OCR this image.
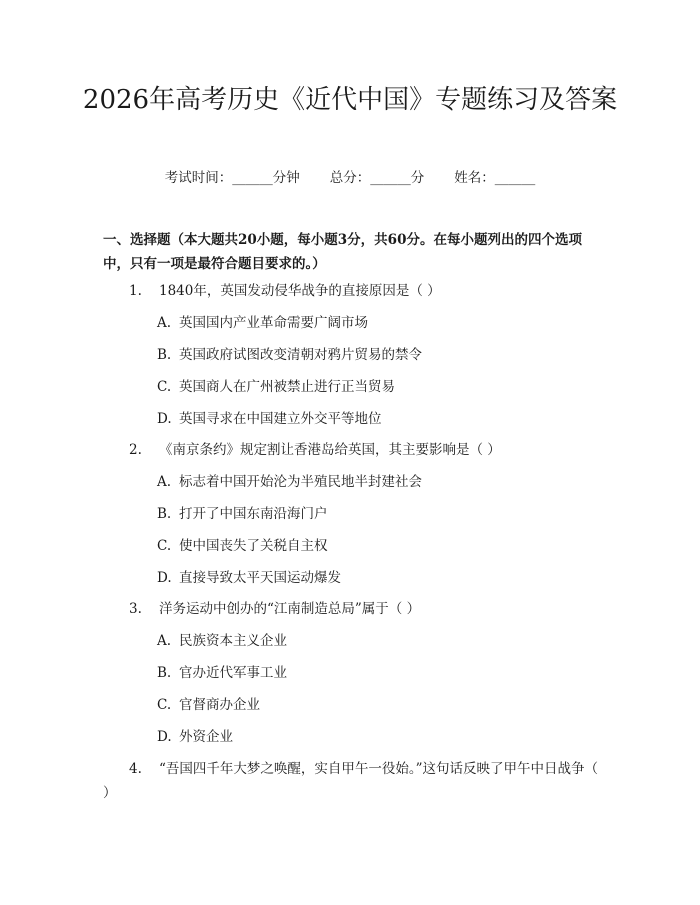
2026年高考历史《近代中国》专题练习及答案
考试时间：______分钟 总分：______分 姓名：______

一、选择题（本大题共20小题，每小题3分，共60分。在每小题列出的四个选项中，只有一项是最符合题目要求的。）

1. 1840年，英国发动侵华战争的直接原因是（ ）

A. 英国国内产业革命需要广阔市场

B. 英国政府试图改变清朝对鸦片贸易的禁令

C. 英国商人在广州被禁止进行正当贸易

D. 英国寻求在中国建立外交平等地位

2. 《南京条约》规定割让香港岛给英国，其主要影响是（ ）

A. 标志着中国开始沦为半殖民地半封建社会

B. 打开了中国东南沿海门户

C. 使中国丧失了关税自主权

D. 直接导致太平天国运动爆发

3. 洋务运动中创办的“江南制造总局”属于（ ）

A. 民族资本主义企业

B. 官办近代军事工业

C. 官督商办企业

D. 外资企业

4. “吾国四千年大梦之唤醒，实自甲午一役始。”这句话反映了甲午中日战争（ ）
